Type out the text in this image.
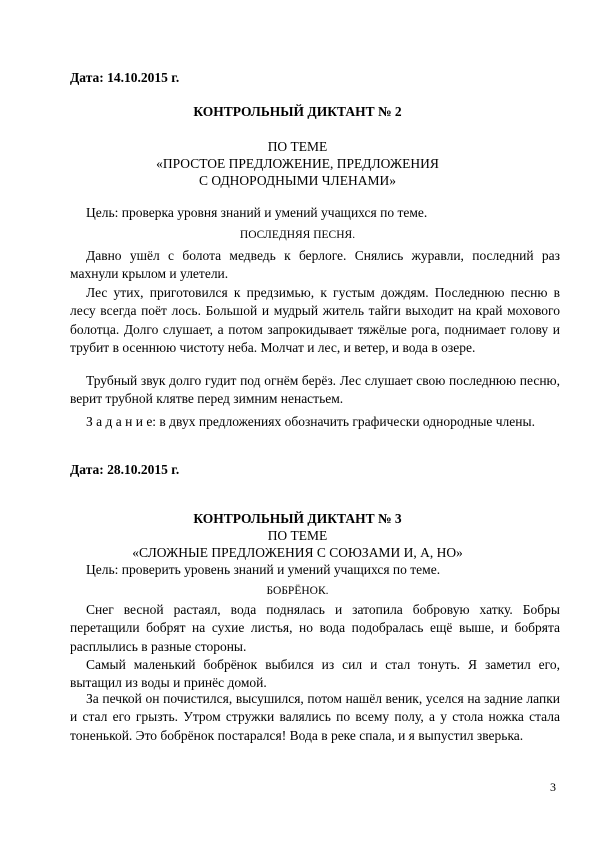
Дата: 14.10.2015 г.
КОНТРОЛЬНЫЙ ДИКТАНТ № 2
ПО ТЕМЕ
«ПРОСТОЕ ПРЕДЛОЖЕНИЕ, ПРЕДЛОЖЕНИЯ
С ОДНОРОДНЫМИ ЧЛЕНАМИ»
Цель: проверка уровня знаний и умений учащихся по теме.
ПОСЛЕДНЯЯ ПЕСНЯ.

Давно ушёл с болота медведь к берлоге. Снялись журавли, последний раз махнули крылом и улетели.

Лес утих, приготовился к предзимью, к густым дождям. Последнюю песню в лесу всегда поёт лось. Большой и мудрый житель тайги выходит на край мохового болотца. Долго слушает, а потом запрокидывает тяжёлые рога, поднимает голову и трубит в осеннюю чистоту неба. Молчат и лес, и ветер, и вода в озере.

Трубный звук долго гудит под огнём берёз. Лес слушает свою последнюю песню, верит трубной клятве перед зимним ненастьем.

З а д а н и е: в двух предложениях обозначить графически однородные члены.

Дата: 28.10.2015 г.
КОНТРОЛЬНЫЙ ДИКТАНТ № 3
ПО ТЕМЕ
«СЛОЖНЫЕ ПРЕДЛОЖЕНИЯ С СОЮЗАМИ И, А, НО»
Цель: проверить уровень знаний и умений учащихся по теме.
БОБРЁНОК.

Снег весной растаял, вода поднялась и затопила бобровую хатку. Бобры перетащили бобрят на сухие листья, но вода подобралась ещё выше, и бобрята расплылись в разные стороны.

Самый маленький бобрёнок выбился из сил и стал тонуть. Я заметил его, вытащил из воды и принёс домой.

За печкой он почистился, высушился, потом нашёл веник, уселся на задние лапки и стал его грызть. Утром стружки валялись по всему полу, а у стола ножка стала тоненькой. Это бобрёнок постарался! Вода в реке спала, и я выпустил зверька.

3
